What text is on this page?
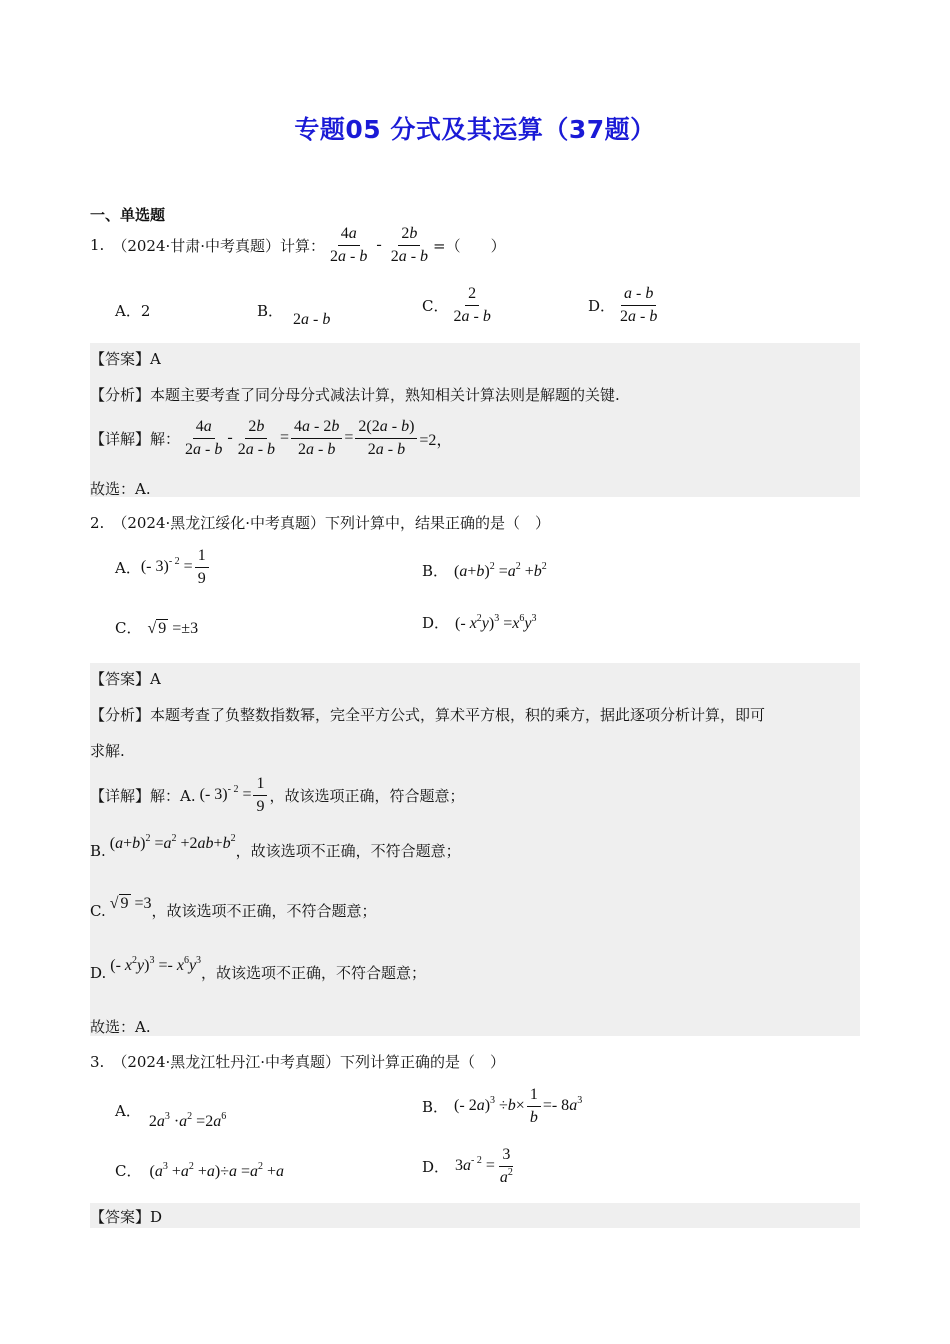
专题05 分式及其运算（37题）
一、单选题
1. （2024·甘肃·中考真题）计算： $\frac{4a}{2a - b} - \frac{2b}{2a - b}$ =（　　）
A．2	B． 2a - b
C． $\frac{2}{2a - b}$	D． $\frac{a - b}{2a - b}$
【答案】A
【分析】本题主要考查了同分母分式减法计算，熟知相关计算法则是解题的关键.
【详解】 解： $\frac{4a}{2a - b} - \frac{2b}{2a - b} = \frac{4a - 2b}{2a - b} = \frac{2(2a - b)}{2a - b} =2$，
故选：A.
2. （2024·黑龙江绥化·中考真题）下列计算中，结果正确的是（　）
A． (- $3)^{- 2} = \frac{1}{9}$	B． $(a+b)^2 =a^2 +b^2$
C． √ 9 =±3	D． (- $x^2y)^3 =x^6y^3$
【答案】A
【分析】本题考查了负整数指数幂，完全平方公式，算术平方根，积的乘方，据此逐项分析计算，即可
求解.
【详解】 解：A. (- $3)^{- 2} = \frac{1}{9}$ ，故该选项正确，符合题意；
B. $(a+b)^2 =a^2 +2ab+b^2$，故该选项不正确，不符合题意；
C. √ 9 =3，故该选项不正确，不符合题意；
D. (- $x^2y)^3 =- x^6y^3$，故该选项不正确，不符合题意；
故选：A.
3. （2024·黑龙江牡丹江·中考真题）下列计算正确的是（　）
A．$2a^3 \cdot a^2 =2a^6$
B． (- $2a)^3 \div b\times \frac{1}{b} =- 8a^3$
C． $(a^3 +a^2 +a)\div a =a^2 +a$	D． $3a^{- 2} = \frac{3}{a^2}$
【答案】D
